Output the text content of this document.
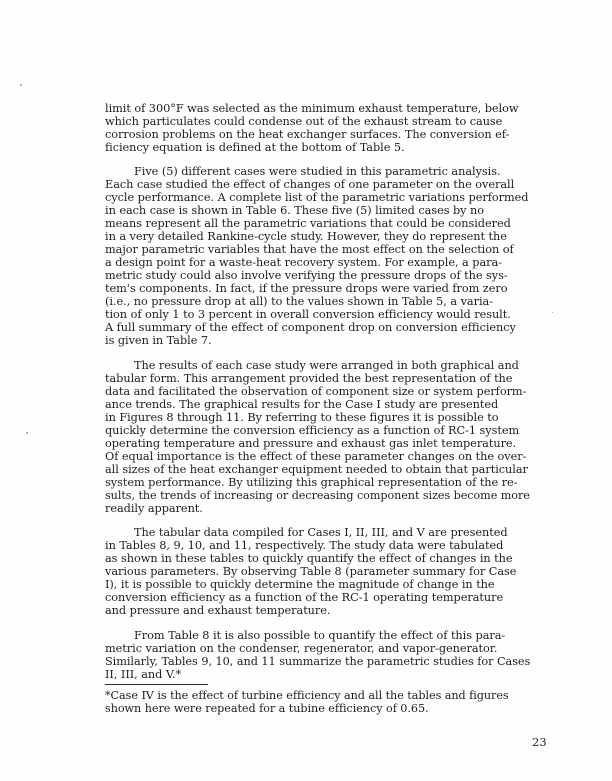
limit of 300°F was selected as the minimum exhaust temperature, below
which particulates could condense out of the exhaust stream to cause
corrosion problems on the heat exchanger surfaces. The conversion ef-
ficiency equation is defined at the bottom of Table 5.
Five (5) different cases were studied in this parametric analysis.
Each case studied the effect of changes of one parameter on the overall
cycle performance. A complete list of the parametric variations performed
in each case is shown in Table 6. These five (5) limited cases by no
means represent all the parametric variations that could be considered
in a very detailed Rankine-cycle study. However, they do represent the
major parametric variables that have the most effect on the selection of
a design point for a waste-heat recovery system. For example, a para-
metric study could also involve verifying the pressure drops of the sys-
tem's components. In fact, if the pressure drops were varied from zero
(i.e., no pressure drop at all) to the values shown in Table 5, a varia-
tion of only 1 to 3 percent in overall conversion efficiency would result.
A full summary of the effect of component drop on conversion efficiency
is given in Table 7.
The results of each case study were arranged in both graphical and
tabular form. This arrangement provided the best representation of the
data and facilitated the observation of component size or system perform-
ance trends. The graphical results for the Case I study are presented
in Figures 8 through 11. By referring to these figures it is possible to
quickly determine the conversion efficiency as a function of RC-1 system
operating temperature and pressure and exhaust gas inlet temperature.
Of equal importance is the effect of these parameter changes on the over-
all sizes of the heat exchanger equipment needed to obtain that particular
system performance. By utilizing this graphical representation of the re-
sults, the trends of increasing or decreasing component sizes become more
readily apparent.
The tabular data compiled for Cases I, II, III, and V are presented
in Tables 8, 9, 10, and 11, respectively. The study data were tabulated
as shown in these tables to quickly quantify the effect of changes in the
various parameters. By observing Table 8 (parameter summary for Case
I), it is possible to quickly determine the magnitude of change in the
conversion efficiency as a function of the RC-1 operating temperature
and pressure and exhaust temperature.
From Table 8 it is also possible to quantify the effect of this para-
metric variation on the condenser, regenerator, and vapor-generator.
Similarly, Tables 9, 10, and 11 summarize the parametric studies for Cases
II, III, and V.*
*Case IV is the effect of turbine efficiency and all the tables and figures
shown here were repeated for a tubine efficiency of 0.65.
23
